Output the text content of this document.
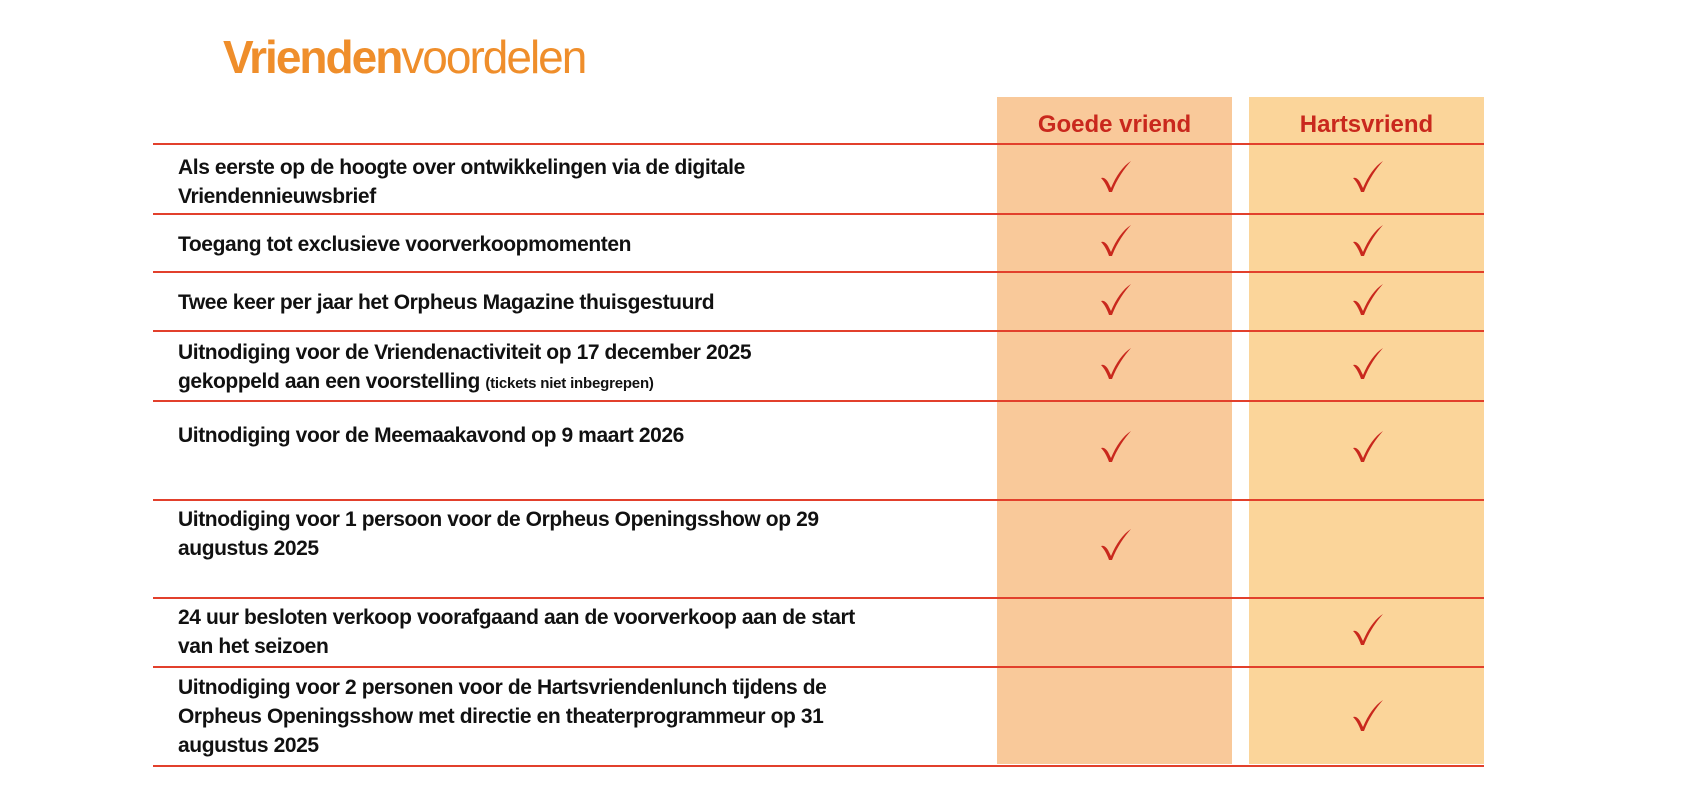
Vriendenvoordelen
Goede vriend	Hartsvriend
Als eerste op de hoogte over ontwikkelingen via de digitale
Vriendennieuwsbrief
Toegang tot exclusieve voorverkoopmomenten
Twee keer per jaar het Orpheus Magazine thuisgestuurd
Uitnodiging voor de Vriendenactiviteit op 17 december 2025
gekoppeld aan een voorstelling (tickets niet inbegrepen)
Uitnodiging voor de Meemaakavond op 9 maart 2026
Uitnodiging voor 1 persoon voor de Orpheus Openingsshow op 29
augustus 2025
24 uur besloten verkoop voorafgaand aan de voorverkoop aan de start
van het seizoen
Uitnodiging voor 2 personen voor de Hartsvriendenlunch tijdens de
Orpheus Openingsshow met directie en theaterprogrammeur op 31
augustus 2025
